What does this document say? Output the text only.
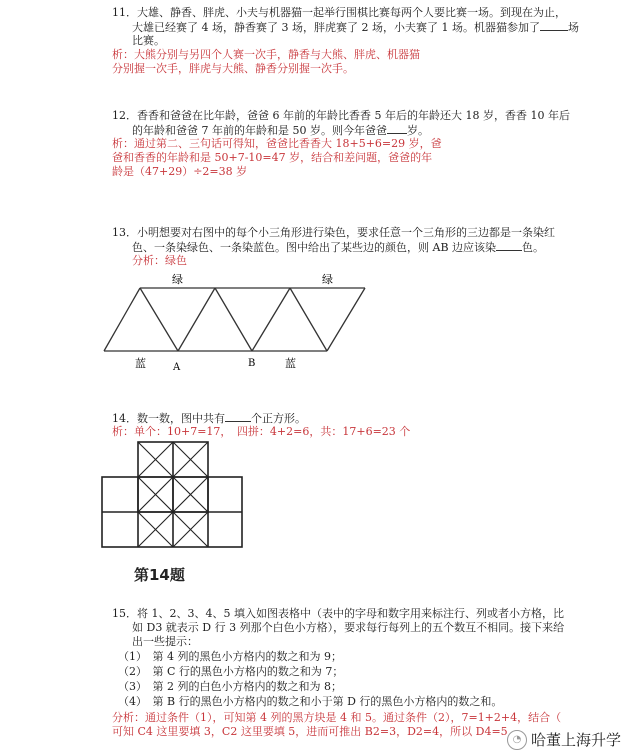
11．大雄、静香、胖虎、小夫与机器猫一起举行围棋比赛每两个人要比赛一场。到现在为止，
大雄已经赛了 4 场，静香赛了 3 场，胖虎赛了 2 场，小夫赛了 1 场。机器猫参加了	场
比赛。
析：大熊分别与另四个人赛一次手，静香与大熊、胖虎、机器猫
分别握一次手，胖虎与大熊、静香分别握一次手。
12．香香和爸爸在比年龄，爸爸 6 年前的年龄比香香 5 年后的年龄还大 18 岁，香香 10 年后
的年龄和爸爸 7 年前的年龄和是 50 岁。则今年爸爸 岁。
析：通过第二、三句话可得知，爸爸比香香大 18+5+6=29 岁，爸
爸和香香的年龄和是 50+7-10=47 岁，结合和差问题，爸爸的年
龄是（47+29）÷2=38 岁
13．小明想要对右图中的每个小三角形进行染色，要求任意一个三角形的三边都是一条染红
色、一条染绿色、一条染蓝色。图中给出了某些边的颜色，则 AB 边应该染 色。
分析：绿色
绿	绿
蓝	A	B	蓝
14．数一数，图中共有 个正方形。
析：单个：10+7=17，　四拼：4+2=6，共：17+6=23 个
第14题
15．将 1、2、3、4、5 填入如图表格中（表中的字母和数字用来标注行、列或者小方格，比
如 D3 就表示 D 行 3 列那个白色小方格），要求每行每列上的五个数互不相同。接下来给
出一些提示：
（1）　第 4 列的黑色小方格内的数之和为 9；
（2）　第 C 行的黑色小方格内的数之和为 7；
（3）　第 2 列的白色小方格内的数之和为 8；
（4）　第 B 行的黑色小方格内的数之和小于第 D 行的黑色小方格内的数之和。
分析：通过条件（1），可知第 4 列的黑方块是 4 和 5。通过条件（2），7=1+2+4，结合（
可知 C4 这里要填 3，C2 这里要填 5，进而可推出 B2=3，D2=4，所以 D4=5
◔ 哈董上海升学
